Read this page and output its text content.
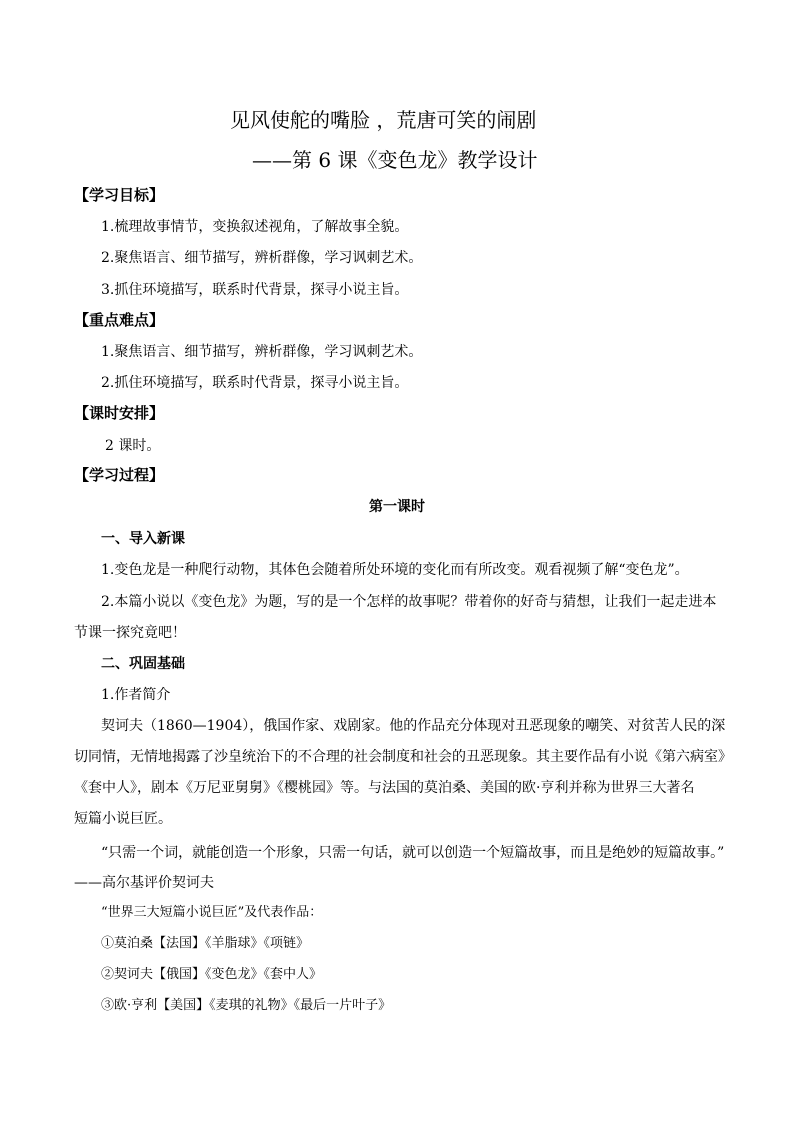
见风使舵的嘴脸 ，荒唐可笑的闹剧
——第 6 课《变色龙》教学设计
【学习目标】
1.梳理故事情节，变换叙述视角，了解故事全貌。
2.聚焦语言、细节描写，辨析群像，学习讽刺艺术。
3.抓住环境描写，联系时代背景，探寻小说主旨。
【重点难点】
1.聚焦语言、细节描写，辨析群像，学习讽刺艺术。
2.抓住环境描写，联系时代背景，探寻小说主旨。
【课时安排】
2 课时。
【学习过程】
第一课时
一、导入新课
1.变色龙是一种爬行动物，其体色会随着所处环境的变化而有所改变。观看视频了解“变色龙”。
2.本篇小说以《变色龙》为题，写的是一个怎样的故事呢？带着你的好奇与猜想，让我们一起走进本
节课一探究竟吧！
二、巩固基础
1.作者简介
契诃夫（1860—1904），俄国作家、戏剧家。他的作品充分体现对丑恶现象的嘲笑、对贫苦人民的深
切同情，无情地揭露了沙皇统治下的不合理的社会制度和社会的丑恶现象。其主要作品有小说《第六病室》
《套中人》，剧本《万尼亚舅舅》《樱桃园》等。与法国的莫泊桑、美国的欧·亨利并称为世界三大著名
短篇小说巨匠。
“只需一个词，就能创造一个形象，只需一句话，就可以创造一个短篇故事，而且是绝妙的短篇故事。”
——高尔基评价契诃夫
“世界三大短篇小说巨匠”及代表作品：
①莫泊桑【法国】《羊脂球》《项链》
②契诃夫【俄国】《变色龙》《套中人》
③欧·亨利【美国】《麦琪的礼物》《最后一片叶子》
